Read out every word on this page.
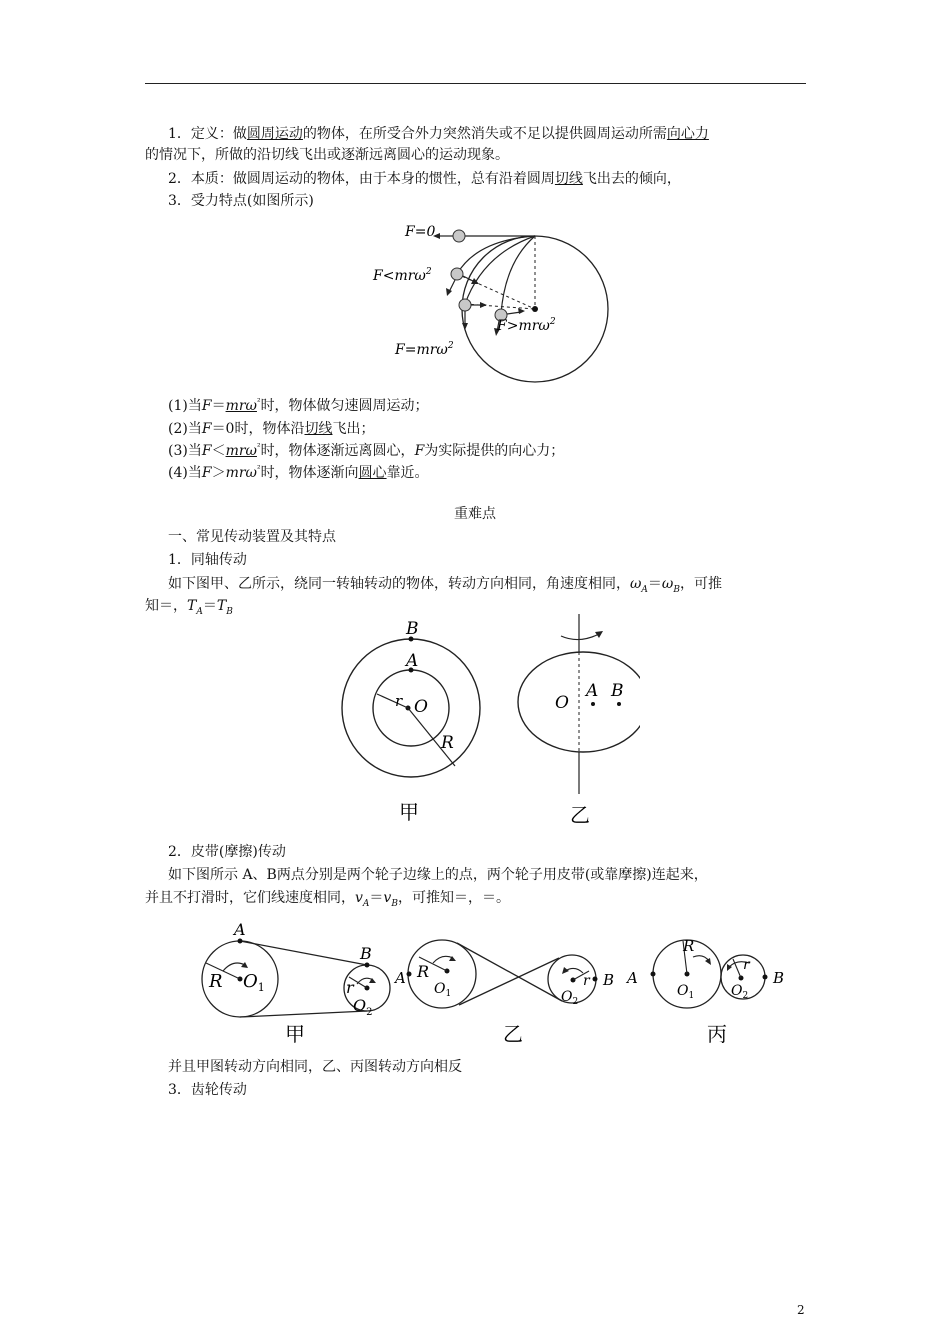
1．定义：做圆周运动的物体，在所受合外力突然消失或不足以提供圆周运动所需向心力
的情况下，所做的沿切线飞出或逐渐远离圆心的运动现象。
2．本质：做圆周运动的物体，由于本身的惯性，总有沿着圆周切线飞出去的倾向，
3．受力特点(如图所示)
F=0
F<mrω$^2$
F>mrω$^2$
F=mrω$^2$
(1)当F＝mrω$^{^2}$时，物体做匀速圆周运动；
(2)当F＝0时，物体沿切线飞出；
(3)当F＜mrω$^{^2}$时，物体逐渐远离圆心，F为实际提供的向心力；
(4)当F＞mrω$^{^2}$时，物体逐渐向圆心靠近。
重难点
一、常见传动装置及其特点
1．同轴传动
如下图甲、乙所示，绕同一转轴转动的物体，转动方向相同，角速度相同，$\omega_A=\omega_B$，可推
知＝，$T_A=T_B$
B
A
r O
R
甲
O
A B
乙
2．皮带(摩擦)传动
如下图所示 A、B两点分别是两个轮子边缘上的点，两个轮子用皮带(或靠摩擦)连起来，
并且不打滑时，它们线速度相同，$v_A=v_B$，可推知＝，＝。
A
B
R $O_1$	r
$O_2$
甲
A R
$O_1$
r
$O_2$
B
乙
A
R
$O_1$
r
$O_2$
B
丙
并且甲图转动方向相同，乙、丙图转动方向相反
3．齿轮传动
2
